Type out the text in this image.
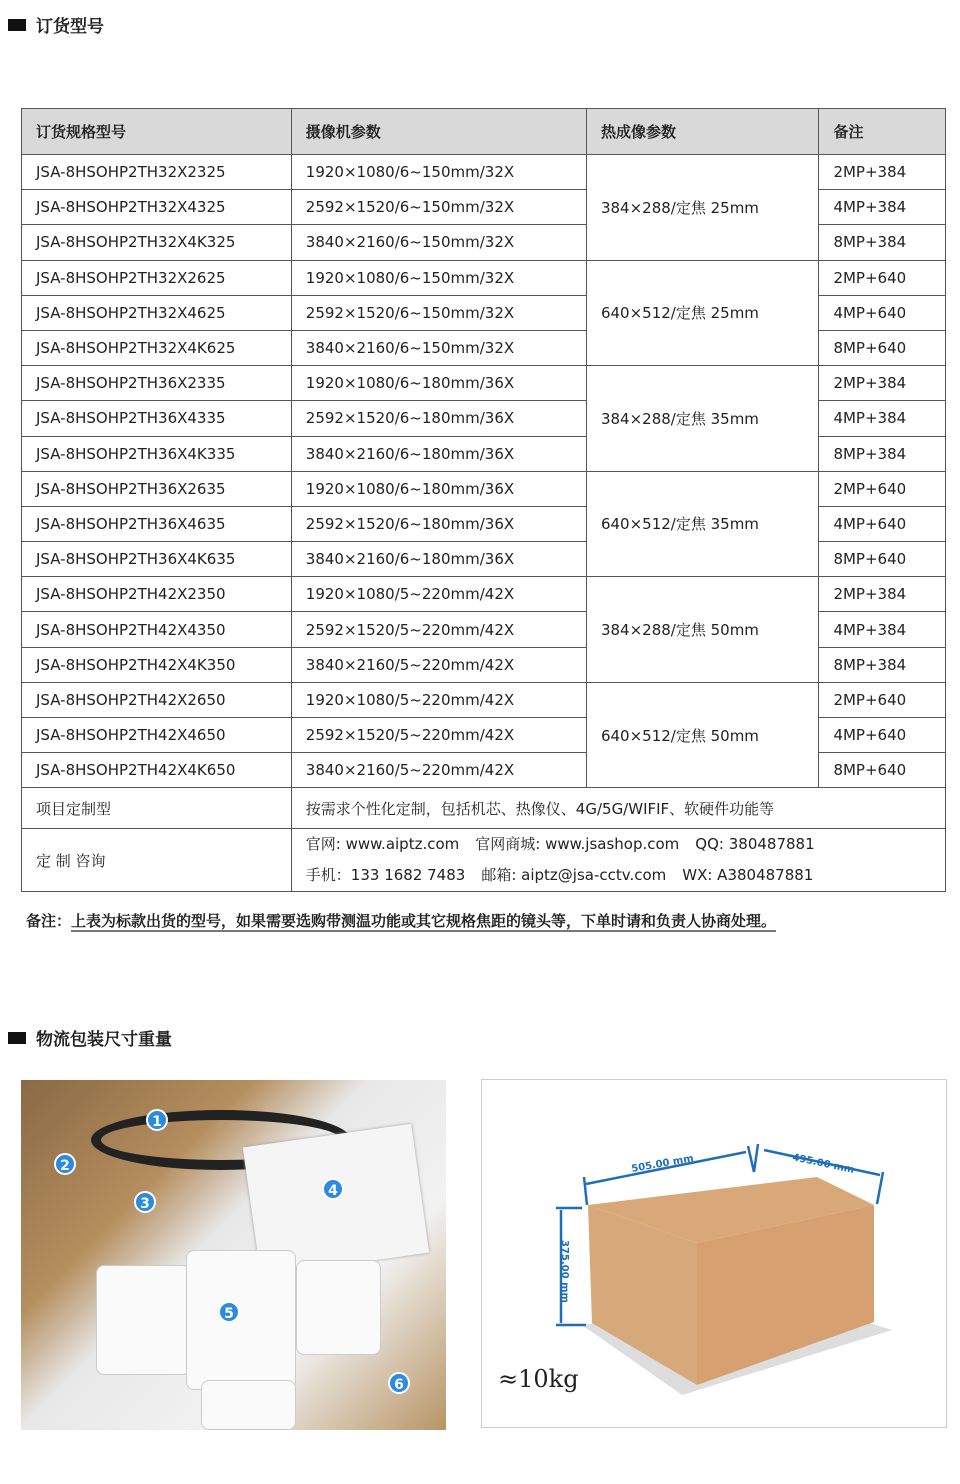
订货型号
订货规格型号	摄像机参数	热成像参数	备注
JSA-8HSOHP2TH32X2325	1920×1080/6~150mm/32X	384×288/定焦 25mm	2MP+384
JSA-8HSOHP2TH32X4325	2592×1520/6~150mm/32X		4MP+384
JSA-8HSOHP2TH32X4K325	3840×2160/6~150mm/32X		8MP+384
JSA-8HSOHP2TH32X2625	1920×1080/6~150mm/32X	640×512/定焦 25mm	2MP+640
JSA-8HSOHP2TH32X4625	2592×1520/6~150mm/32X		4MP+640
JSA-8HSOHP2TH32X4K625	3840×2160/6~150mm/32X		8MP+640
JSA-8HSOHP2TH36X2335	1920×1080/6~180mm/36X	384×288/定焦 35mm	2MP+384
JSA-8HSOHP2TH36X4335	2592×1520/6~180mm/36X		4MP+384
JSA-8HSOHP2TH36X4K335	3840×2160/6~180mm/36X		8MP+384
JSA-8HSOHP2TH36X2635	1920×1080/6~180mm/36X	640×512/定焦 35mm	2MP+640
JSA-8HSOHP2TH36X4635	2592×1520/6~180mm/36X		4MP+640
JSA-8HSOHP2TH36X4K635	3840×2160/6~180mm/36X		8MP+640
JSA-8HSOHP2TH42X2350	1920×1080/5~220mm/42X	384×288/定焦 50mm	2MP+384
JSA-8HSOHP2TH42X4350	2592×1520/5~220mm/42X		4MP+384
JSA-8HSOHP2TH42X4K350	3840×2160/5~220mm/42X		8MP+384
JSA-8HSOHP2TH42X2650	1920×1080/5~220mm/42X	640×512/定焦 50mm	2MP+640
JSA-8HSOHP2TH42X4650	2592×1520/5~220mm/42X		4MP+640
JSA-8HSOHP2TH42X4K650	3840×2160/5~220mm/42X		8MP+640
项目定制型	按需求个性化定制，包括机芯、热像仪、4G/5G/WIFIF、软硬件功能等		
定 制 咨询	官网: www.aiptz.com 官网商城: www.jsashop.com QQ: 380487881
手机：133 1682 7483 邮箱: aiptz@jsa-cctv.com WX: A380487881		
备注：上表为标款出货的型号，如果需要选购带测温功能或其它规格焦距的镜头等，下单时请和负责人协商处理。
物流包装尺寸重量
1
2
3
4
5
6
505.00 mm	495.00 mm
375.00 mm
≈10kg
